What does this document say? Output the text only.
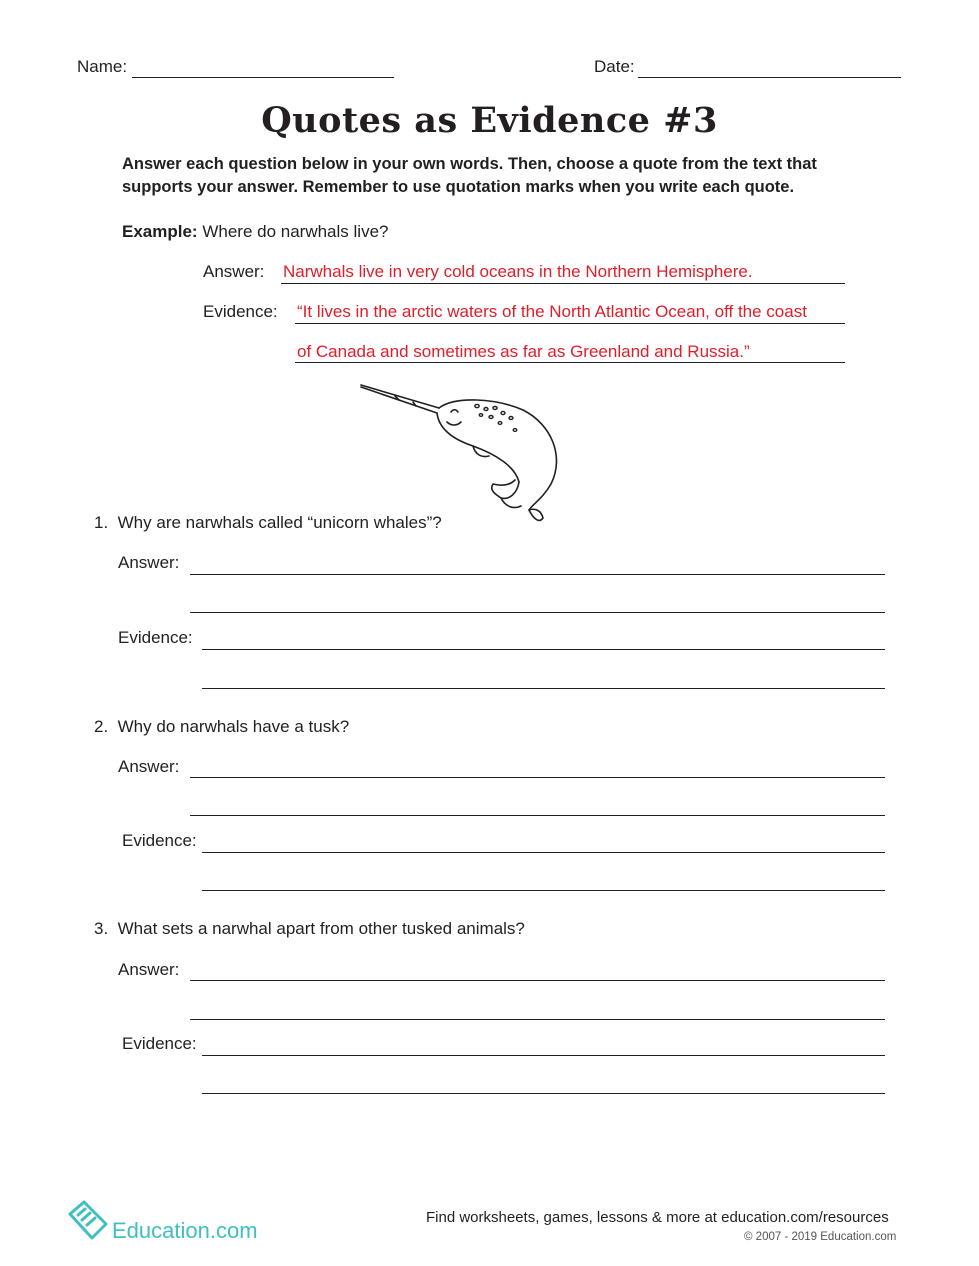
Name:	Date:
Quotes as Evidence #3
Answer each question below in your own words. Then, choose a quote from the text that supports your answer. Remember to use quotation marks when you write each quote.
Example: Where do narwhals live?
Answer: Narwhals live in very cold oceans in the Northern Hemisphere.
Evidence: “It lives in the arctic waters of the North Atlantic Ocean, off the coast
of Canada and sometimes as far as Greenland and Russia.”
1. Why are narwhals called “unicorn whales”?
Answer:
Evidence:
2. Why do narwhals have a tusk?
Answer:
Evidence:
3. What sets a narwhal apart from other tusked animals?
Answer:
Evidence:
Education.com
Find worksheets, games, lessons & more at education.com/resources
© 2007 - 2019 Education.com
